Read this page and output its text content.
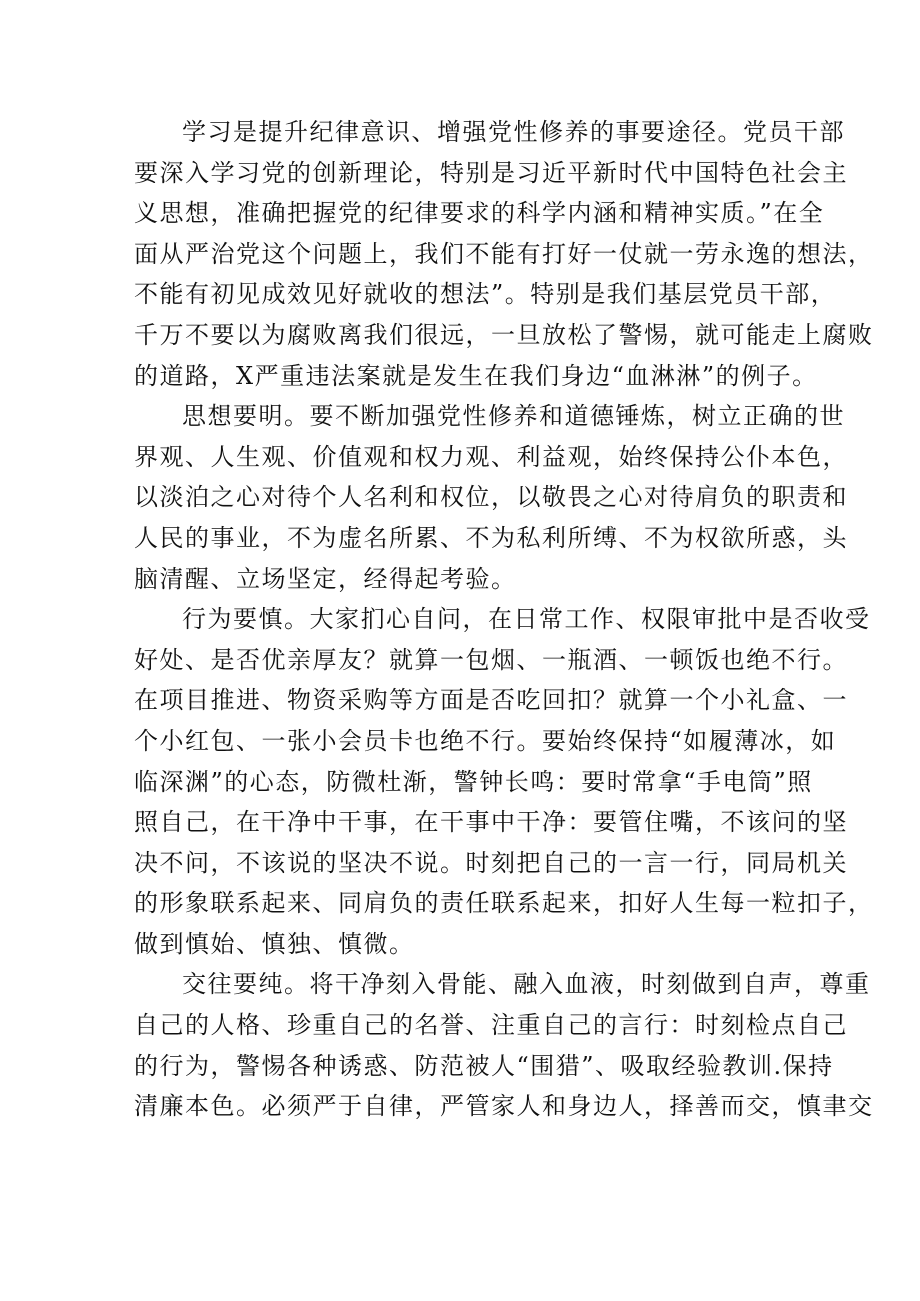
学习是提升纪律意识、增强党性修养的事要途径。党员干部
要深入学习党的创新理论，特别是习近平新时代中国特色社会主
义思想，准确把握党的纪律要求的科学内涵和精神实质。”在全
面从严治党这个问题上，我们不能有打好一仗就一劳永逸的想法，
不能有初见成效见好就收的想法”。特别是我们基层党员干部，
千万不要以为腐败离我们很远，一旦放松了警惕，就可能走上腐败
的道路，X严重违法案就是发生在我们身边“血淋淋”的例子。
思想要明。要不断加强党性修养和道德锤炼，树立正确的世
界观、人生观、价值观和权力观、利益观，始终保持公仆本色，
以淡泊之心对待个人名利和权位，以敬畏之心对待肩负的职责和
人民的事业，不为虚名所累、不为私利所缚、不为权欲所惑，头
脑清醒、立场坚定，经得起考验。
行为要慎。大家扪心自问，在日常工作、权限审批中是否收受
好处、是否优亲厚友？就算一包烟、一瓶酒、一顿饭也绝不行。
在项目推进、物资采购等方面是否吃回扣？就算一个小礼盒、一
个小红包、一张小会员卡也绝不行。要始终保持“如履薄冰，如
临深渊”的心态，防微杜渐，警钟长鸣：要时常拿“手电筒”照
照自己，在干净中干事，在干事中干净：要管住嘴，不该问的坚
决不问，不该说的坚决不说。时刻把自己的一言一行，同局机关
的形象联系起来、同肩负的责任联系起来，扣好人生每一粒扣子，
做到慎始、慎独、慎微。
交往要纯。将干净刻入骨能、融入血液，时刻做到自声，尊重
自己的人格、珍重自己的名誉、注重自己的言行：时刻检点自己
的行为，警惕各种诱惑、防范被人“围猎”、吸取经验教训.保持
清廉本色。必须严于自律，严管家人和身边人，择善而交，慎聿交
